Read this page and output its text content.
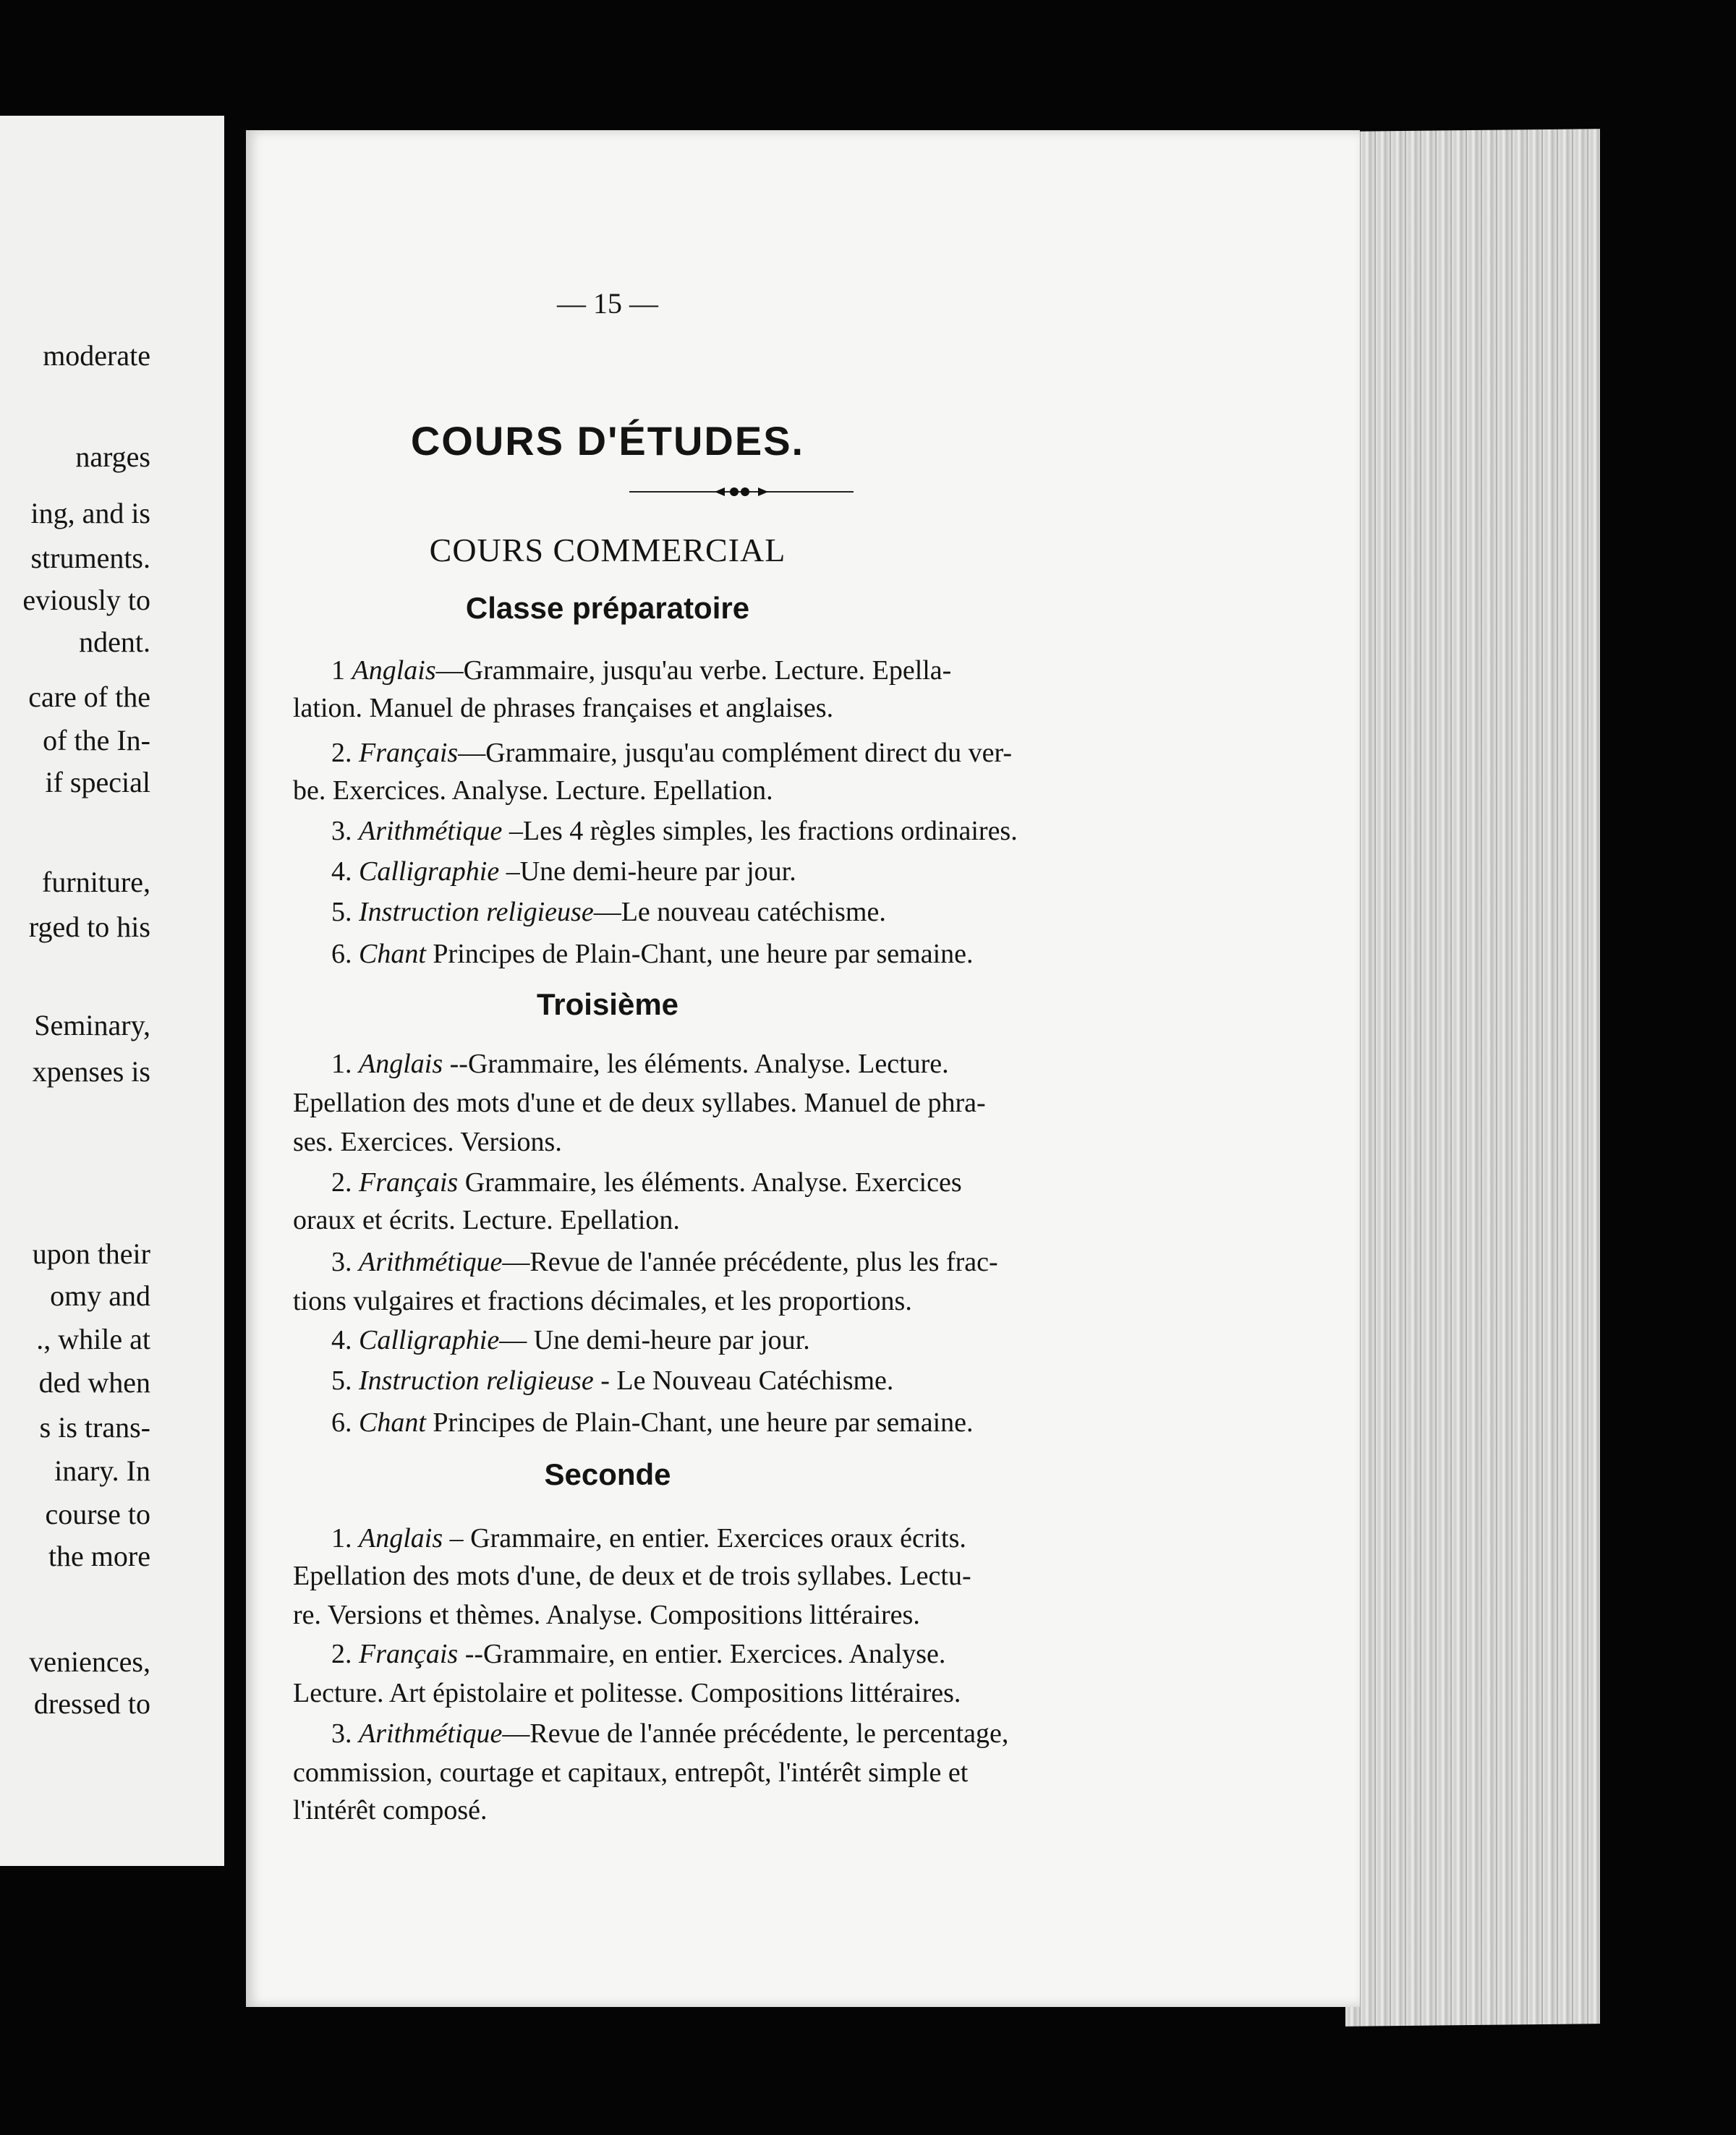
— 15 —
COURS D'ÉTUDES.
COURS COMMERCIAL
moderate
narges
ing, and is
struments.
eviously to
ndent.
care of the
of the In-
if special
furniture,
rged to his
Seminary,
xpenses is
upon their
omy and
., while at
ded when
s is trans-
inary. In
course to
the more
veniences,
dressed to
Classe préparatoire
1 Anglais—Grammaire, jusqu'au verbe. Lecture. Epella-
lation. Manuel de phrases françaises et anglaises.
2. Français—Grammaire, jusqu'au complément direct du ver-
be. Exercices. Analyse. Lecture. Epellation.
3. Arithmétique –Les 4 règles simples, les fractions ordinaires.
4. Calligraphie –Une demi-heure par jour.
5. Instruction religieuse—Le nouveau catéchisme.
6. Chant Principes de Plain-Chant, une heure par semaine.
Troisième
1. Anglais --Grammaire, les éléments. Analyse. Lecture.
Epellation des mots d'une et de deux syllabes. Manuel de phra-
ses. Exercices. Versions.
2. Français Grammaire, les éléments. Analyse. Exercices
oraux et écrits. Lecture. Epellation.
3. Arithmétique—Revue de l'année précédente, plus les frac-
tions vulgaires et fractions décimales, et les proportions.
4. Calligraphie— Une demi-heure par jour.
5. Instruction religieuse - Le Nouveau Catéchisme.
6. Chant Principes de Plain-Chant, une heure par semaine.
Seconde
1. Anglais – Grammaire, en entier. Exercices oraux écrits.
Epellation des mots d'une, de deux et de trois syllabes. Lectu-
re. Versions et thèmes. Analyse. Compositions littéraires.
2. Français --Grammaire, en entier. Exercices. Analyse.
Lecture. Art épistolaire et politesse. Compositions littéraires.
3. Arithmétique—Revue de l'année précédente, le percentage,
commission, courtage et capitaux, entrepôt, l'intérêt simple et
l'intérêt composé.
